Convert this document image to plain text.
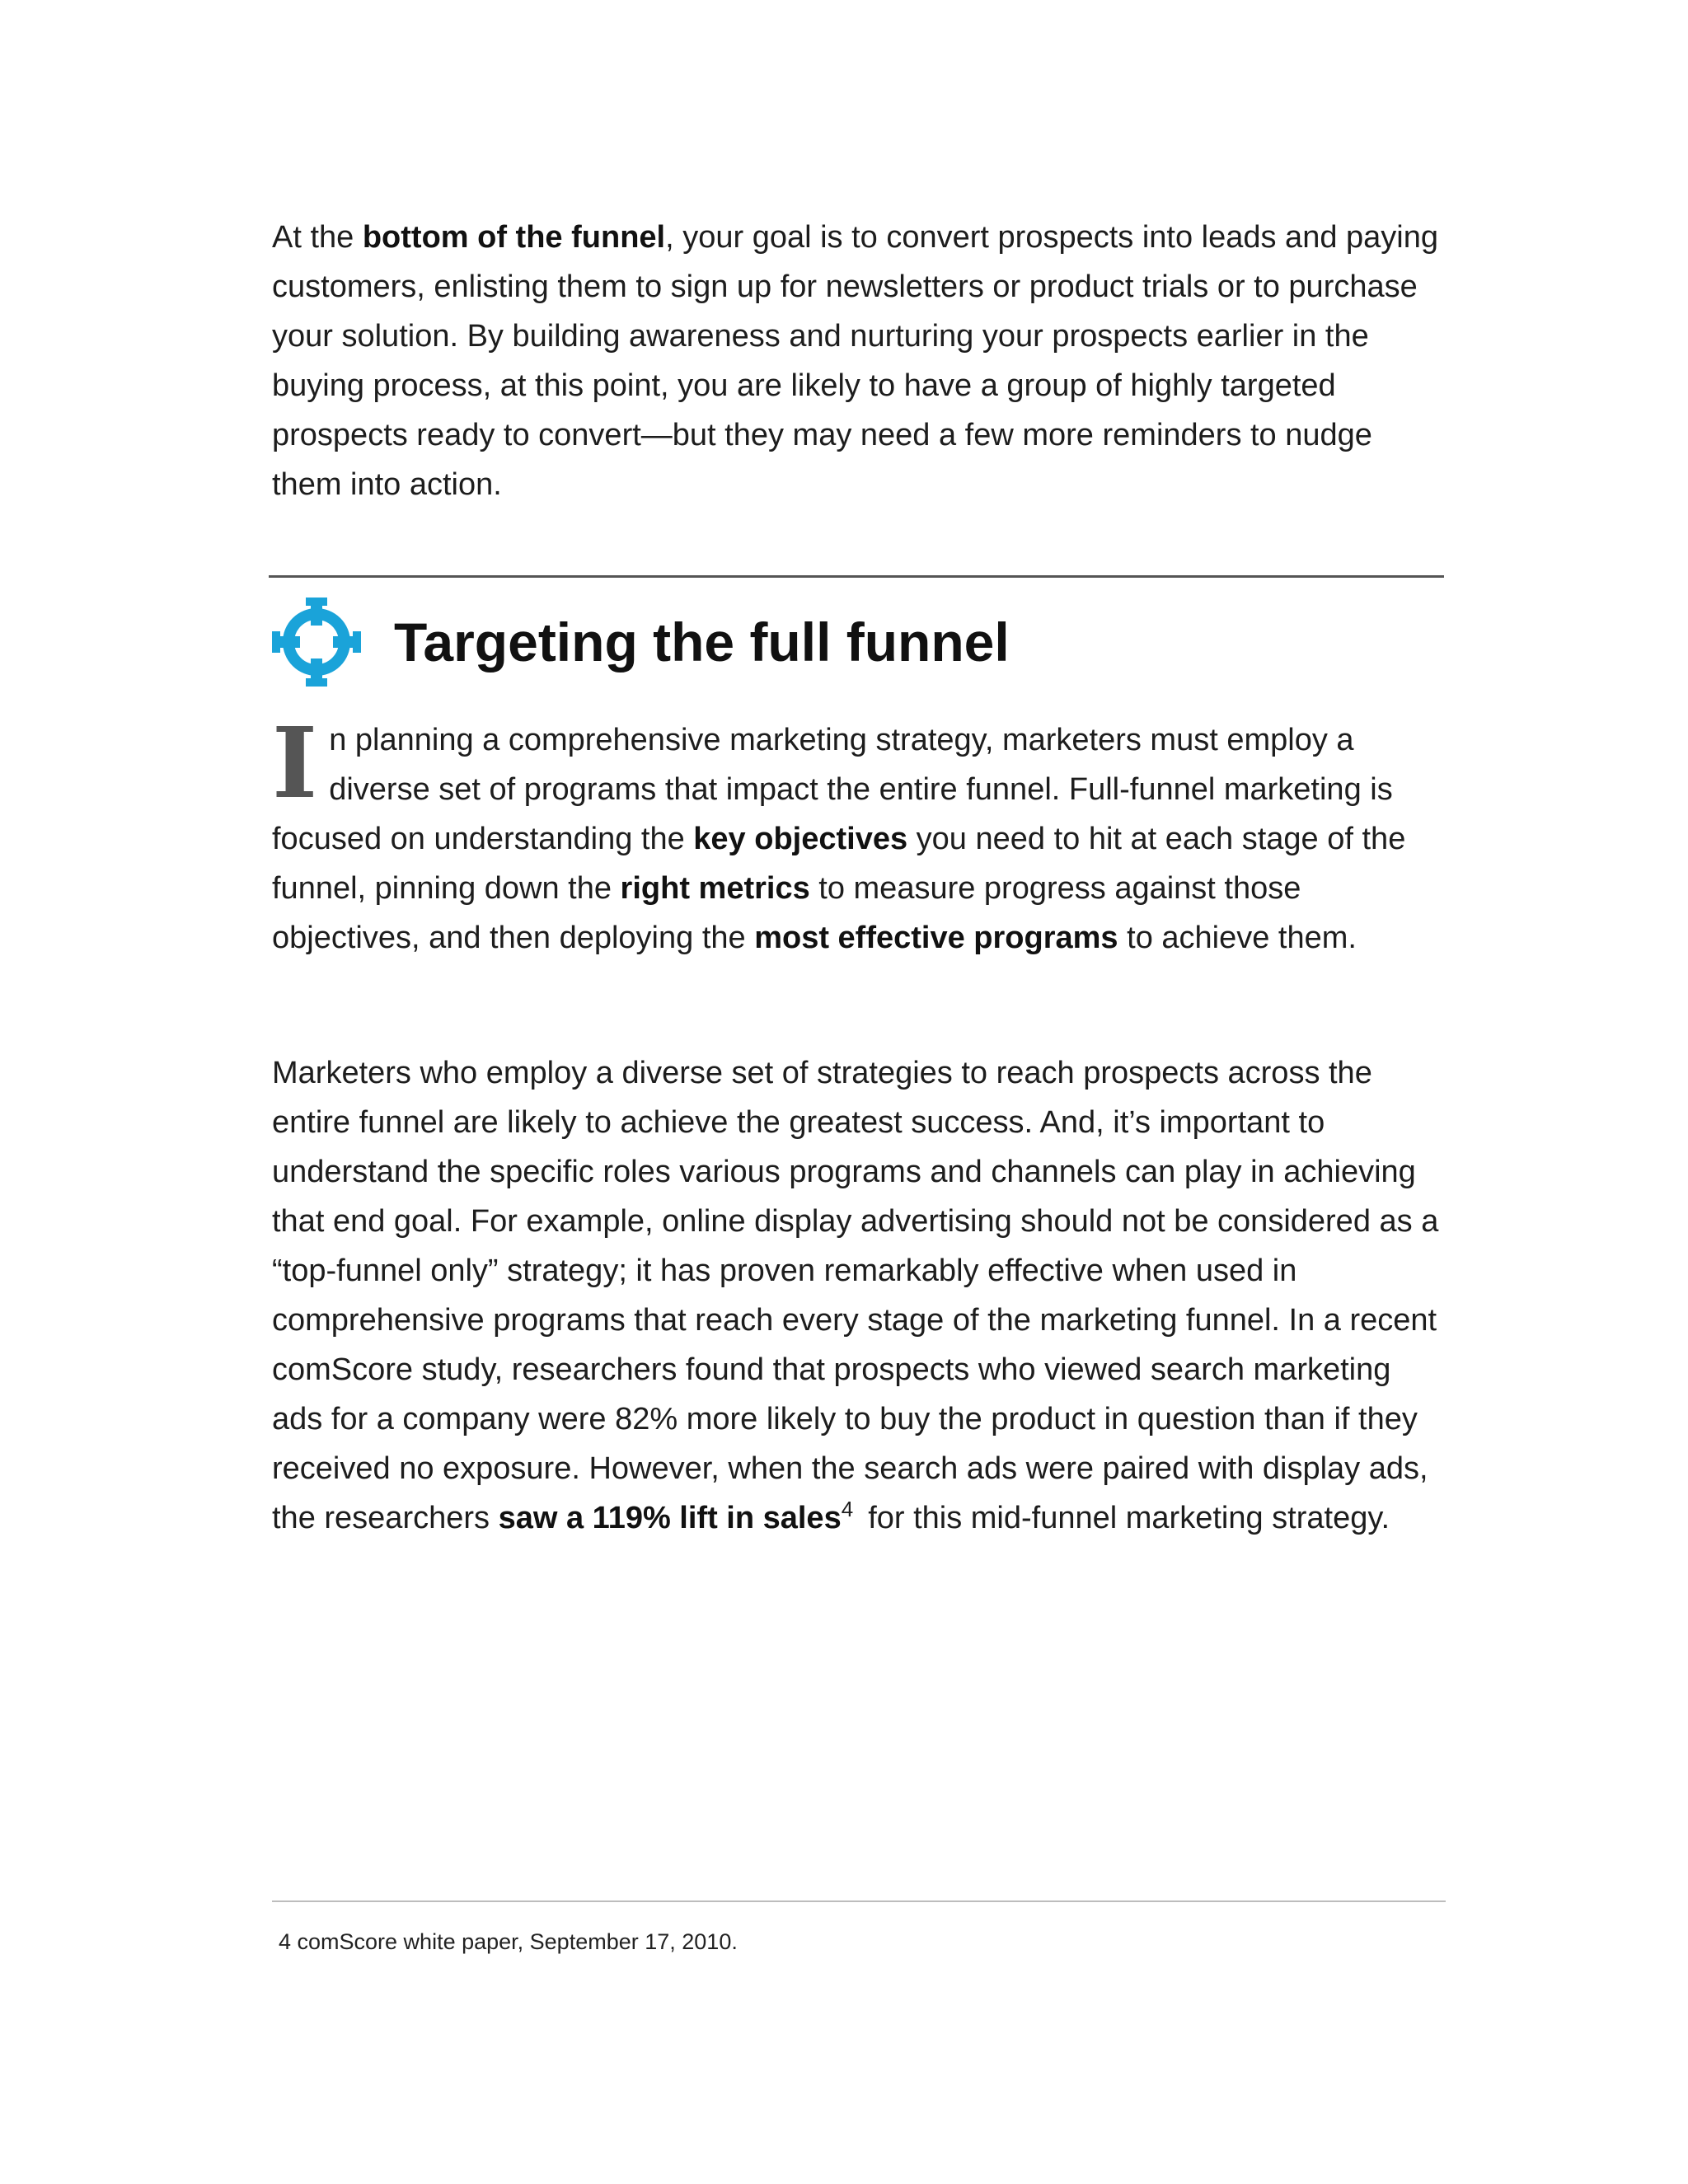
At the bottom of the funnel, your goal is to convert prospects into leads and paying customers, enlisting them to sign up for newsletters or product trials or to purchase your solution. By building awareness and nurturing your prospects earlier in the buying process, at this point, you are likely to have a group of highly targeted prospects ready to convert—but they may need a few more reminders to nudge them into action.

Targeting the full funnel

In planning a comprehensive marketing strategy, marketers must employ a diverse set of programs that impact the entire funnel. Full-funnel marketing is focused on understanding the key objectives you need to hit at each stage of the funnel, pinning down the right metrics to measure progress against those objectives, and then deploying the most effective programs to achieve them.

Marketers who employ a diverse set of strategies to reach prospects across the entire funnel are likely to achieve the greatest success. And, it’s important to understand the specific roles various programs and channels can play in achieving that end goal. For example, online display advertising should not be considered as a “top-funnel only” strategy; it has proven remarkably effective when used in comprehensive programs that reach every stage of the marketing funnel. In a recent comScore study, researchers found that prospects who viewed search marketing ads for a company were 82% more likely to buy the product in question than if they received no exposure. However, when the search ads were paired with display ads, the researchers saw a 119% lift in sales$^4$ for this mid-funnel marketing strategy.

4 comScore white paper, September 17, 2010.
